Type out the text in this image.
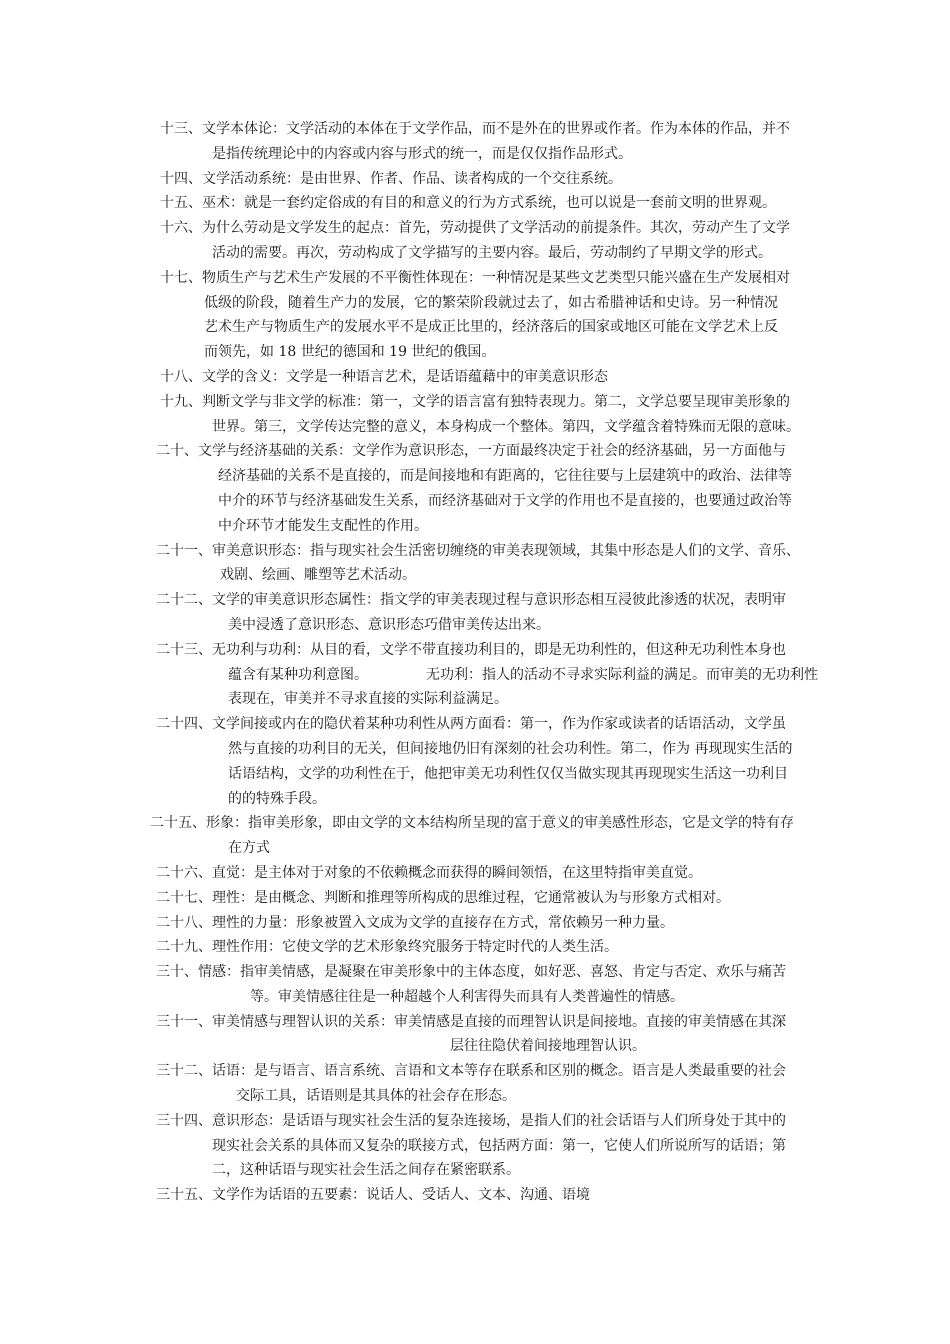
十三、文学本体论：文学活动的本体在于文学作品，而不是外在的世界或作者。作为本体的作品，并不
是指传统理论中的内容或内容与形式的统一，而是仅仅指作品形式。

十四、文学活动系统：是由世界、作者、作品、读者构成的一个交往系统。

十五、巫术：就是一套约定俗成的有目的和意义的行为方式系统，也可以说是一套前文明的世界观。

十六、为什么劳动是文学发生的起点：首先，劳动提供了文学活动的前提条件。其次，劳动产生了文学
活动的需要。再次，劳动构成了文学描写的主要内容。最后，劳动制约了早期文学的形式。

十七、物质生产与艺术生产发展的不平衡性体现在：一种情况是某些文艺类型只能兴盛在生产发展相对
低级的阶段，随着生产力的发展，它的繁荣阶段就过去了，如古希腊神话和史诗。另一种情况
艺术生产与物质生产的发展水平不是成正比里的，经济落后的国家或地区可能在文学艺术上反
而领先，如 18 世纪的德国和 19 世纪的俄国。

十八、文学的含义：文学是一种语言艺术，是话语蕴藉中的审美意识形态

十九、判断文学与非文学的标准：第一，文学的语言富有独特表现力。第二，文学总要呈现审美形象的
世界。第三，文学传达完整的意义，本身构成一个整体。第四，文学蕴含着特殊而无限的意味。

二十、文学与经济基础的关系：文学作为意识形态，一方面最终决定于社会的经济基础，另一方面他与
经济基础的关系不是直接的，而是间接地和有距离的，它往往要与上层建筑中的政治、法律等
中介的环节与经济基础发生关系，而经济基础对于文学的作用也不是直接的，也要通过政治等
中介环节才能发生支配性的作用。

二十一、审美意识形态：指与现实社会生活密切缠绕的审美表现领域，其集中形态是人们的文学、音乐、
戏剧、绘画、雕塑等艺术活动。

二十二、文学的审美意识形态属性：指文学的审美表现过程与意识形态相互浸彼此渗透的状况，表明审
美中浸透了意识形态、意识形态巧借审美传达出来。

二十三、无功利与功利：从目的看，文学不带直接功利目的，即是无功利性的，但这种无功利性本身也
蕴含有某种功利意图。	无功利：指人的活动不寻求实际利益的满足。而审美的无功利性
表现在，审美并不寻求直接的实际利益满足。

二十四、文学间接或内在的隐伏着某种功利性从两方面看：第一，作为作家或读者的话语活动，文学虽
然与直接的功利目的无关，但间接地仍旧有深刻的社会功利性。第二，作为 再现现实生活的
话语结构，文学的功利性在于，他把审美无功利性仅仅当做实现其再现现实生活这一功利目
的的特殊手段。

二十五、形象：指审美形象，即由文学的文本结构所呈现的富于意义的审美感性形态，它是文学的特有存
在方式

二十六、直觉：是主体对于对象的不依赖概念而获得的瞬间领悟，在这里特指审美直觉。

二十七、理性：是由概念、判断和推理等所构成的思维过程，它通常被认为与形象方式相对。

二十八、理性的力量：形象被置入文成为文学的直接存在方式，常依赖另一种力量。

二十九、理性作用：它使文学的艺术形象终究服务于特定时代的人类生活。

三十、情感：指审美情感，是凝聚在审美形象中的主体态度，如好恶、喜怒、肯定与否定、欢乐与痛苦
等。审美情感往往是一种超越个人利害得失而具有人类普遍性的情感。

三十一、审美情感与理智认识的关系：审美情感是直接的而理智认识是间接地。直接的审美情感在其深
层往往隐伏着间接地理智认识。

三十二、话语：是与语言、语言系统、言语和文本等存在联系和区别的概念。语言是人类最重要的社会
交际工具，话语则是其具体的社会存在形态。

三十四、意识形态：是话语与现实社会生活的复杂连接场，是指人们的社会话语与人们所身处于其中的
现实社会关系的具体而又复杂的联接方式，包括两方面：第一，它使人们所说所写的话语；第
二，这种话语与现实社会生活之间存在紧密联系。

三十五、文学作为话语的五要素：说话人、受话人、文本、沟通、语境
